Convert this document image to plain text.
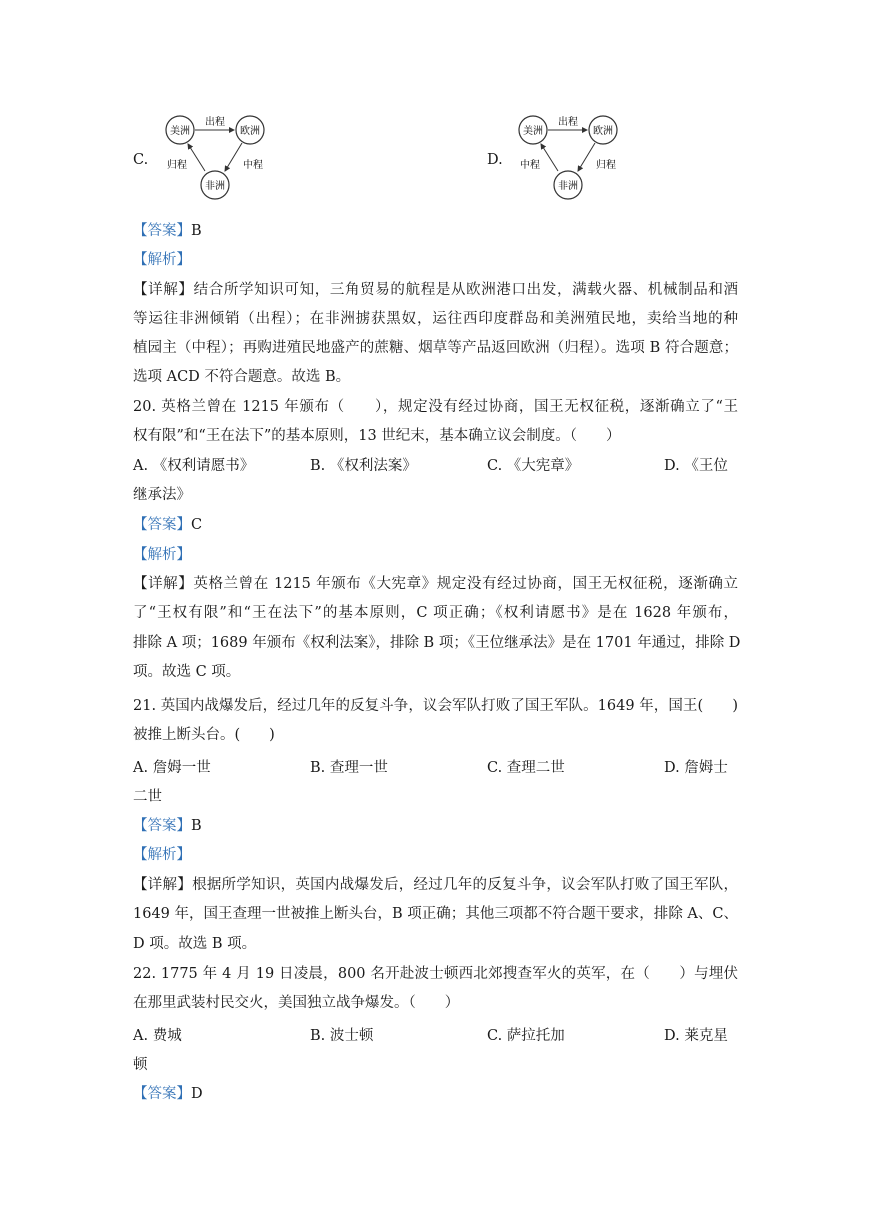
C.
美洲	欧洲
非洲
出程
中程
归程	D.
美洲	欧洲
非洲
出程
归程
中程
【答案】B
【解析】
【详解】结合所学知识可知，三角贸易的航程是从欧洲港口出发，满载火器、机械制品和酒
等运往非洲倾销（出程）；在非洲掳获黑奴，运往西印度群岛和美洲殖民地，卖给当地的种
植园主（中程）；再购进殖民地盛产的蔗糖、烟草等产品返回欧洲（归程）。选项 B 符合题意；
选项 ACD 不符合题意。故选 B。
20. 英格兰曾在 1215 年颁布（　　），规定没有经过协商，国王无权征税，逐渐确立了“王
权有限”和“王在法下”的基本原则，13 世纪末，基本确立议会制度。（　　）
A. 《权利请愿书》	B. 《权利法案》	C. 《大宪章》	D. 《王位
继承法》
【答案】C
【解析】
【详解】英格兰曾在 1215 年颁布《大宪章》规定没有经过协商，国王无权征税，逐渐确立
了“王权有限”和“王在法下”的基本原则，C 项正确；《权利请愿书》是在 1628 年颁布，
排除 A 项；1689 年颁布《权利法案》，排除 B 项；《王位继承法》是在 1701 年通过，排除 D
项。故选 C 项。
21. 英国内战爆发后，经过几年的反复斗争，议会军队打败了国王军队。1649 年，国王(　　)
被推上断头台。(　　)
A. 詹姆一世	B. 查理一世	C. 查理二世	D. 詹姆士
二世
【答案】B
【解析】
【详解】根据所学知识，英国内战爆发后，经过几年的反复斗争，议会军队打败了国王军队，
1649 年，国王查理一世被推上断头台，B 项正确；其他三项都不符合题干要求，排除 A、C、
D 项。故选 B 项。
22. 1775 年 4 月 19 日凌晨，800 名开赴波士顿西北郊搜查军火的英军，在（　　）与埋伏
在那里武装村民交火，美国独立战争爆发。（　　）
A. 费城	B. 波士顿	C. 萨拉托加	D. 莱克星
顿
【答案】D
